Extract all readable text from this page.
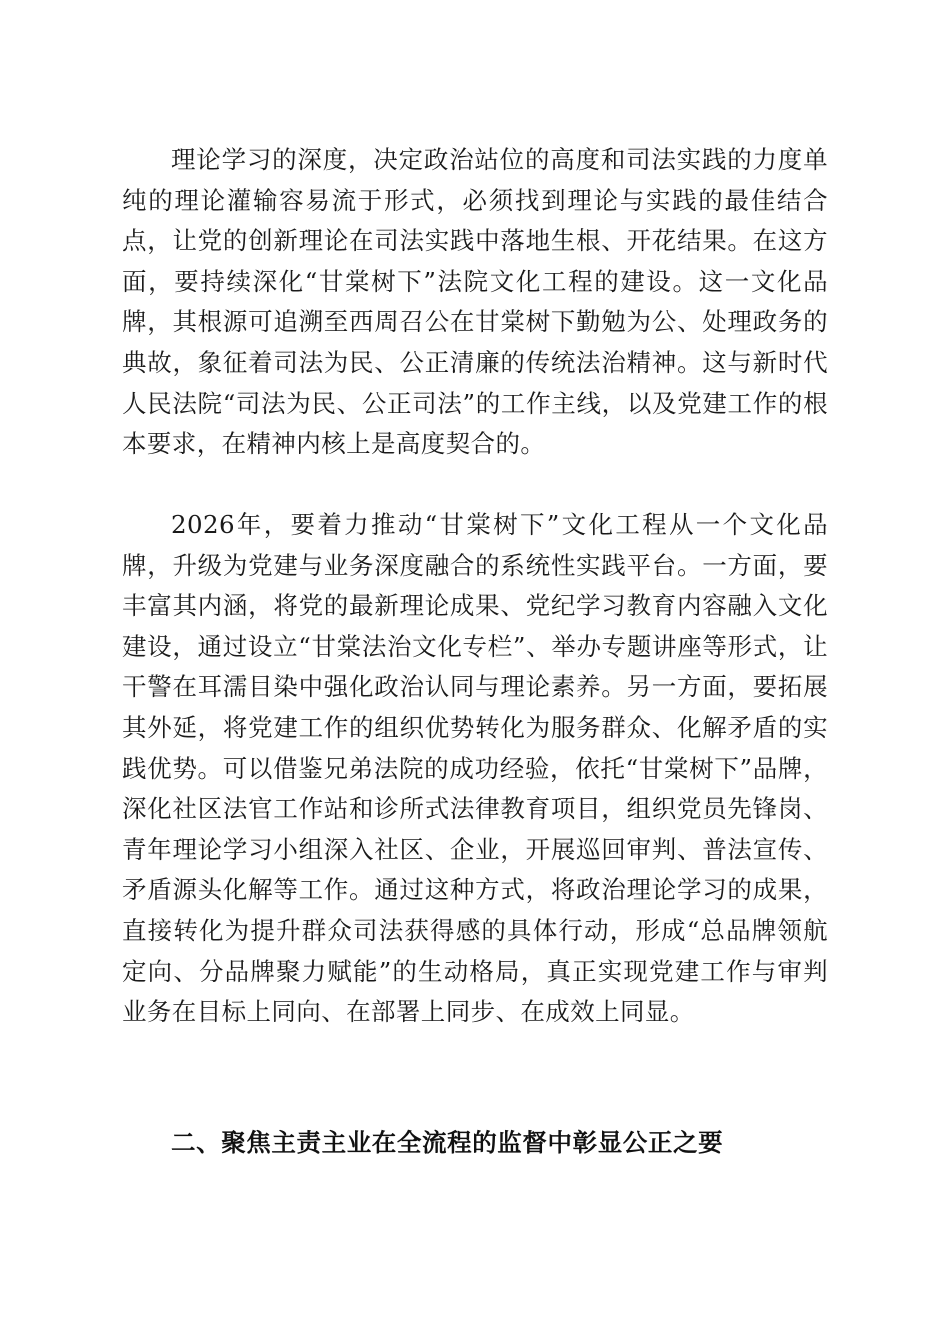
理论学习的深度，决定政治站位的高度和司法实践的力度单纯的理论灌输容易流于形式，必须找到理论与实践的最佳结合点，让党的创新理论在司法实践中落地生根、开花结果。在这方面，要持续深化“甘棠树下”法院文化工程的建设。这一文化品牌，其根源可追溯至西周召公在甘棠树下勤勉为公、处理政务的典故，象征着司法为民、公正清廉的传统法治精神。这与新时代人民法院“司法为民、公正司法”的工作主线，以及党建工作的根本要求，在精神内核上是高度契合的。

2026年，要着力推动“甘棠树下”文化工程从一个文化品牌，升级为党建与业务深度融合的系统性实践平台。一方面，要丰富其内涵，将党的最新理论成果、党纪学习教育内容融入文化建设，通过设立“甘棠法治文化专栏”、举办专题讲座等形式，让干警在耳濡目染中强化政治认同与理论素养。另一方面，要拓展其外延，将党建工作的组织优势转化为服务群众、化解矛盾的实践优势。可以借鉴兄弟法院的成功经验，依托“甘棠树下”品牌，深化社区法官工作站和诊所式法律教育项目，组织党员先锋岗、青年理论学习小组深入社区、企业，开展巡回审判、普法宣传、矛盾源头化解等工作。通过这种方式，将政治理论学习的成果，直接转化为提升群众司法获得感的具体行动，形成“总品牌领航定向、分品牌聚力赋能”的生动格局，真正实现党建工作与审判业务在目标上同向、在部署上同步、在成效上同显。

二、聚焦主责主业在全流程的监督中彰显公正之要
